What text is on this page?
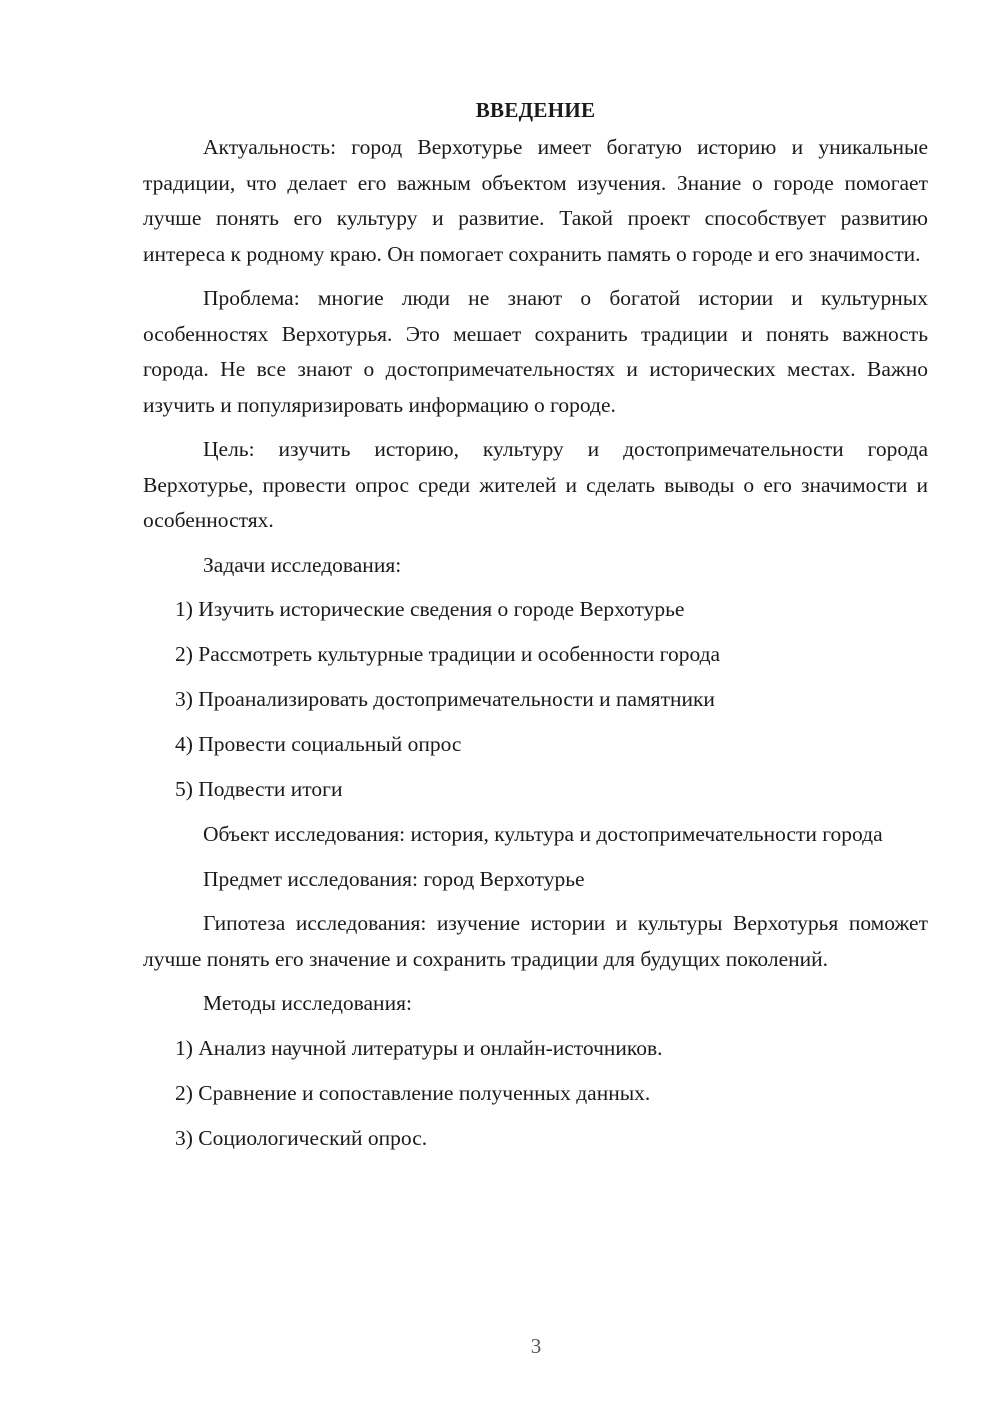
ВВЕДЕНИЕ

Актуальность: город Верхотурье имеет богатую историю и уникальные традиции, что делает его важным объектом изучения. Знание о городе помогает лучше понять его культуру и развитие. Такой проект способствует развитию интереса к родному краю. Он помогает сохранить память о городе и его значимости.

Проблема: многие люди не знают о богатой истории и культурных особенностях Верхотурья. Это мешает сохранить традиции и понять важность города. Не все знают о достопримечательностях и исторических местах. Важно изучить и популяризировать информацию о городе.

Цель: изучить историю, культуру и достопримечательности города Верхотурье, провести опрос среди жителей и сделать выводы о его значимости и особенностях.

Задачи исследования:

1) Изучить исторические сведения о городе Верхотурье
2) Рассмотреть культурные традиции и особенности города
3) Проанализировать достопримечательности и памятники
4) Провести социальный опрос
5) Подвести итоги

Объект исследования: история, культура и достопримечательности города

Предмет исследования: город Верхотурье

Гипотеза исследования: изучение истории и культуры Верхотурья поможет лучше понять его значение и сохранить традиции для будущих поколений.

Методы исследования:

1) Анализ научной литературы и онлайн-источников.
2) Сравнение и сопоставление полученных данных.
3) Социологический опрос.
3
